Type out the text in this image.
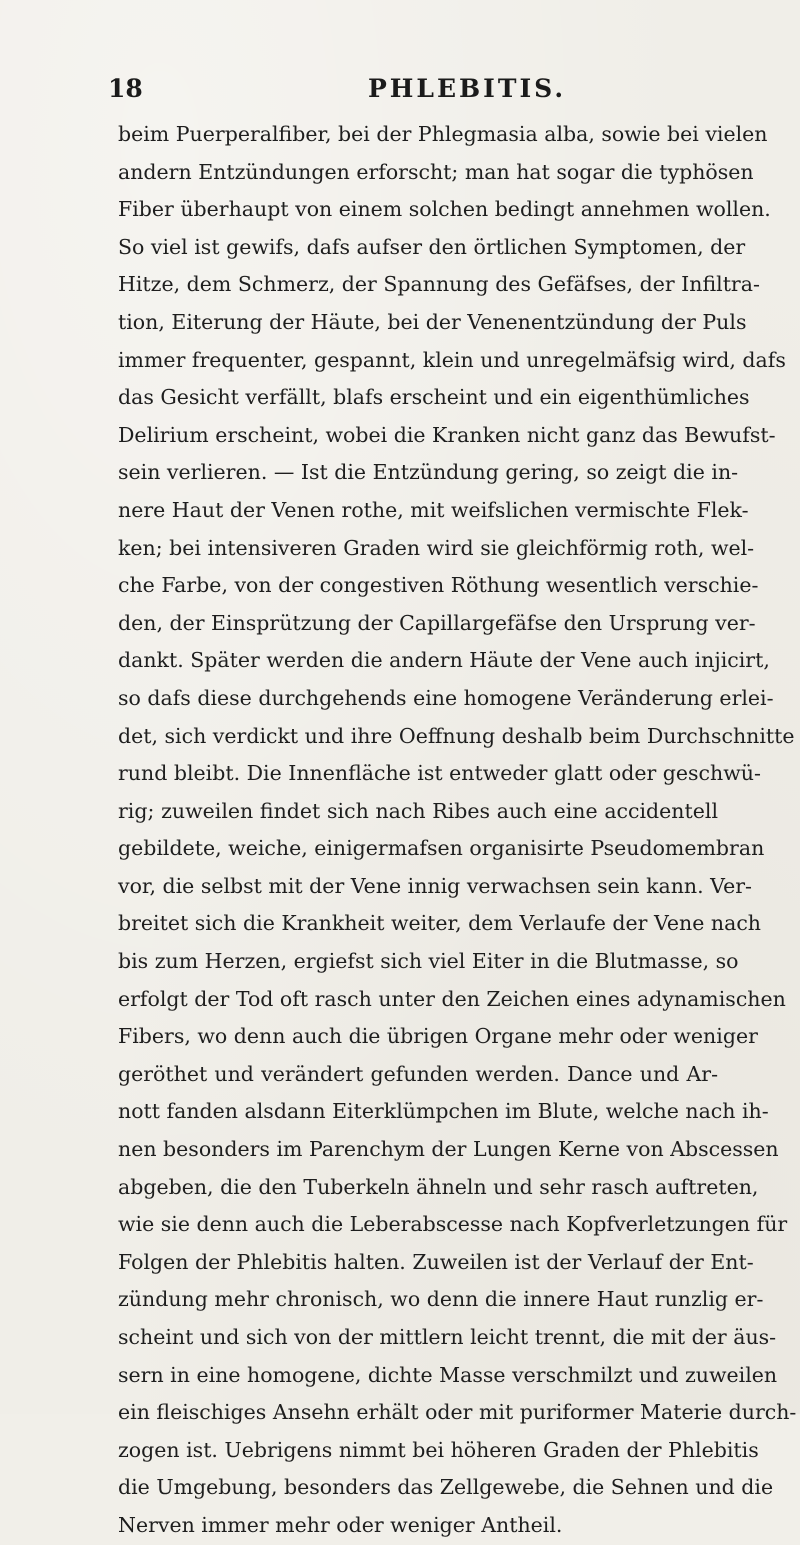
18	PHLEBITIS.
beim Puerperalfiber, bei der Phlegmasia alba, sowie bei vielen
andern Entzündungen erforscht; man hat sogar die typhösen
Fiber überhaupt von einem solchen bedingt annehmen wollen.
So viel ist gewifs, dafs aufser den örtlichen Symptomen, der
Hitze, dem Schmerz, der Spannung des Gefäfses, der Infiltra-
tion, Eiterung der Häute, bei der Venenentzündung der Puls
immer frequenter, gespannt, klein und unregelmäfsig wird, dafs
das Gesicht verfällt, blafs erscheint und ein eigenthümliches
Delirium erscheint, wobei die Kranken nicht ganz das Bewufst-
sein verlieren. — Ist die Entzündung gering, so zeigt die in-
nere Haut der Venen rothe, mit weifslichen vermischte Flek-
ken; bei intensiveren Graden wird sie gleichförmig roth, wel-
che Farbe, von der congestiven Röthung wesentlich verschie-
den, der Einsprützung der Capillargefäfse den Ursprung ver-
dankt. Später werden die andern Häute der Vene auch injicirt,
so dafs diese durchgehends eine homogene Veränderung erlei-
det, sich verdickt und ihre Oeffnung deshalb beim Durchschnitte
rund bleibt. Die Innenfläche ist entweder glatt oder geschwü-
rig; zuweilen findet sich nach Ribes auch eine accidentell
gebildete, weiche, einigermafsen organisirte Pseudomembran
vor, die selbst mit der Vene innig verwachsen sein kann. Ver-
breitet sich die Krankheit weiter, dem Verlaufe der Vene nach
bis zum Herzen, ergiefst sich viel Eiter in die Blutmasse, so
erfolgt der Tod oft rasch unter den Zeichen eines adynamischen
Fibers, wo denn auch die übrigen Organe mehr oder weniger
geröthet und verändert gefunden werden. Dance und Ar-
nott fanden alsdann Eiterklümpchen im Blute, welche nach ih-
nen besonders im Parenchym der Lungen Kerne von Abscessen
abgeben, die den Tuberkeln ähneln und sehr rasch auftreten,
wie sie denn auch die Leberabscesse nach Kopfverletzungen für
Folgen der Phlebitis halten. Zuweilen ist der Verlauf der Ent-
zündung mehr chronisch, wo denn die innere Haut runzlig er-
scheint und sich von der mittlern leicht trennt, die mit der äus-
sern in eine homogene, dichte Masse verschmilzt und zuweilen
ein fleischiges Ansehn erhält oder mit puriformer Materie durch-
zogen ist. Uebrigens nimmt bei höheren Graden der Phlebitis
die Umgebung, besonders das Zellgewebe, die Sehnen und die
Nerven immer mehr oder weniger Antheil.
